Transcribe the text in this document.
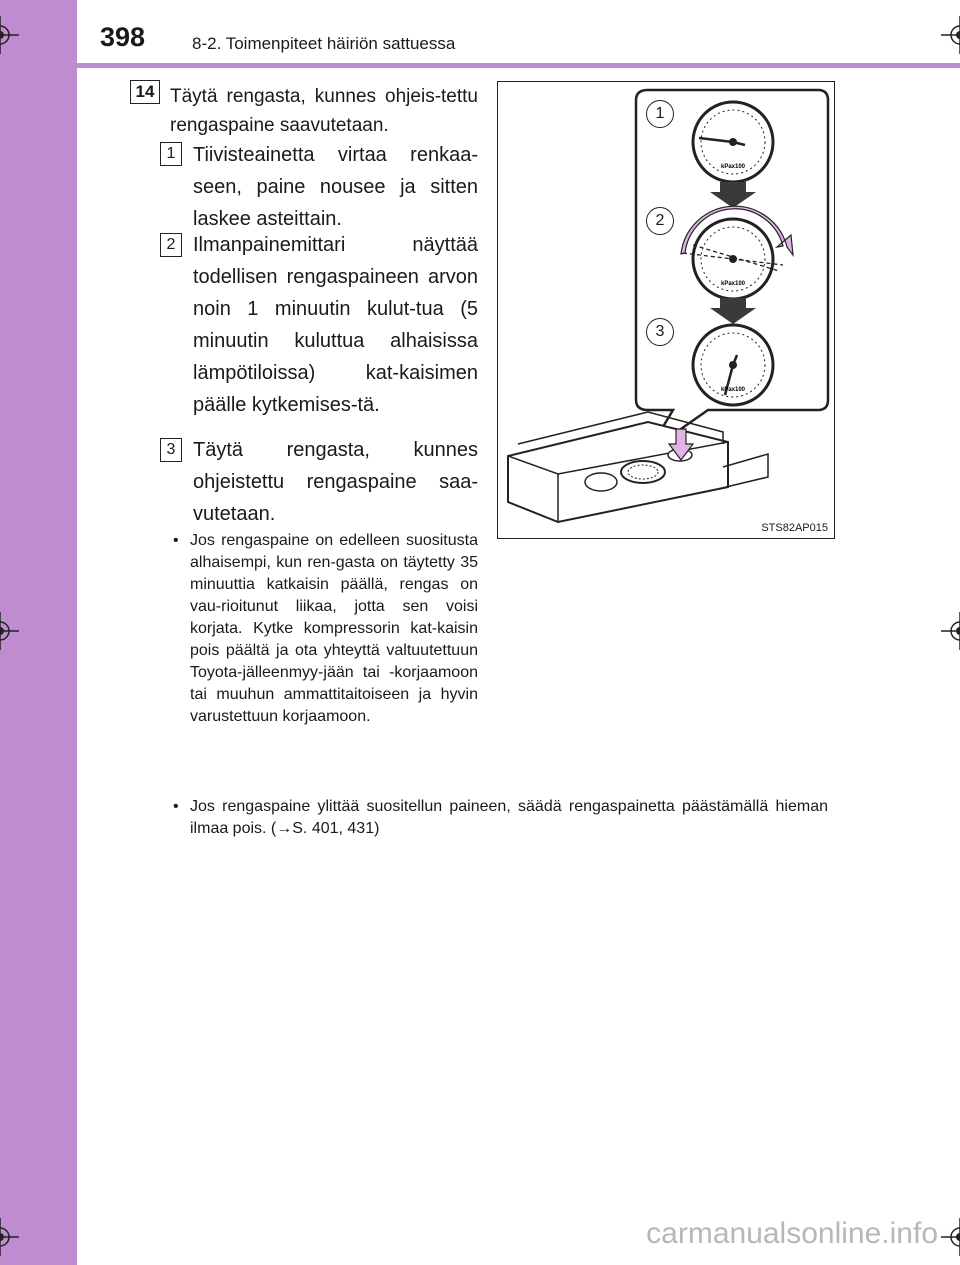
398	8-2. Toimenpiteet häiriön sattuessa
14 Täytä rengasta, kunnes ohjeis-tettu rengaspaine saavutetaan.
1 Tiivisteainetta virtaa renkaa-seen, paine nousee ja sitten laskee asteittain.
2 Ilmanpainemittari näyttää todellisen rengaspaineen arvon noin 1 minuutin kulut-tua (5 minuutin kuluttua alhaisissa lämpötiloissa) kat-kaisimen päälle kytkemises-tä.
3 Täytä rengasta, kunnes ohjeistettu rengaspaine saa-vutetaan.
• Jos rengaspaine on edelleen suositusta alhaisempi, kun ren-gasta on täytetty 35 minuuttia katkaisin päällä, rengas on vau-rioitunut liikaa, jotta sen voisi korjata. Kytke kompressorin kat-kaisin pois päältä ja ota yhteyttä valtuutettuun Toyota-jälleenmyy-jään tai -korjaamoon tai muuhun ammattitaitoiseen ja hyvin varustettuun korjaamoon.
• Jos rengaspaine ylittää suositellun paineen, säädä rengaspainetta päästämällä hieman ilmaa pois. (→S. 401, 431)
kPax100
kPax100
kPax100
1
2
3
STS82AP015
carmanualsonline.info
